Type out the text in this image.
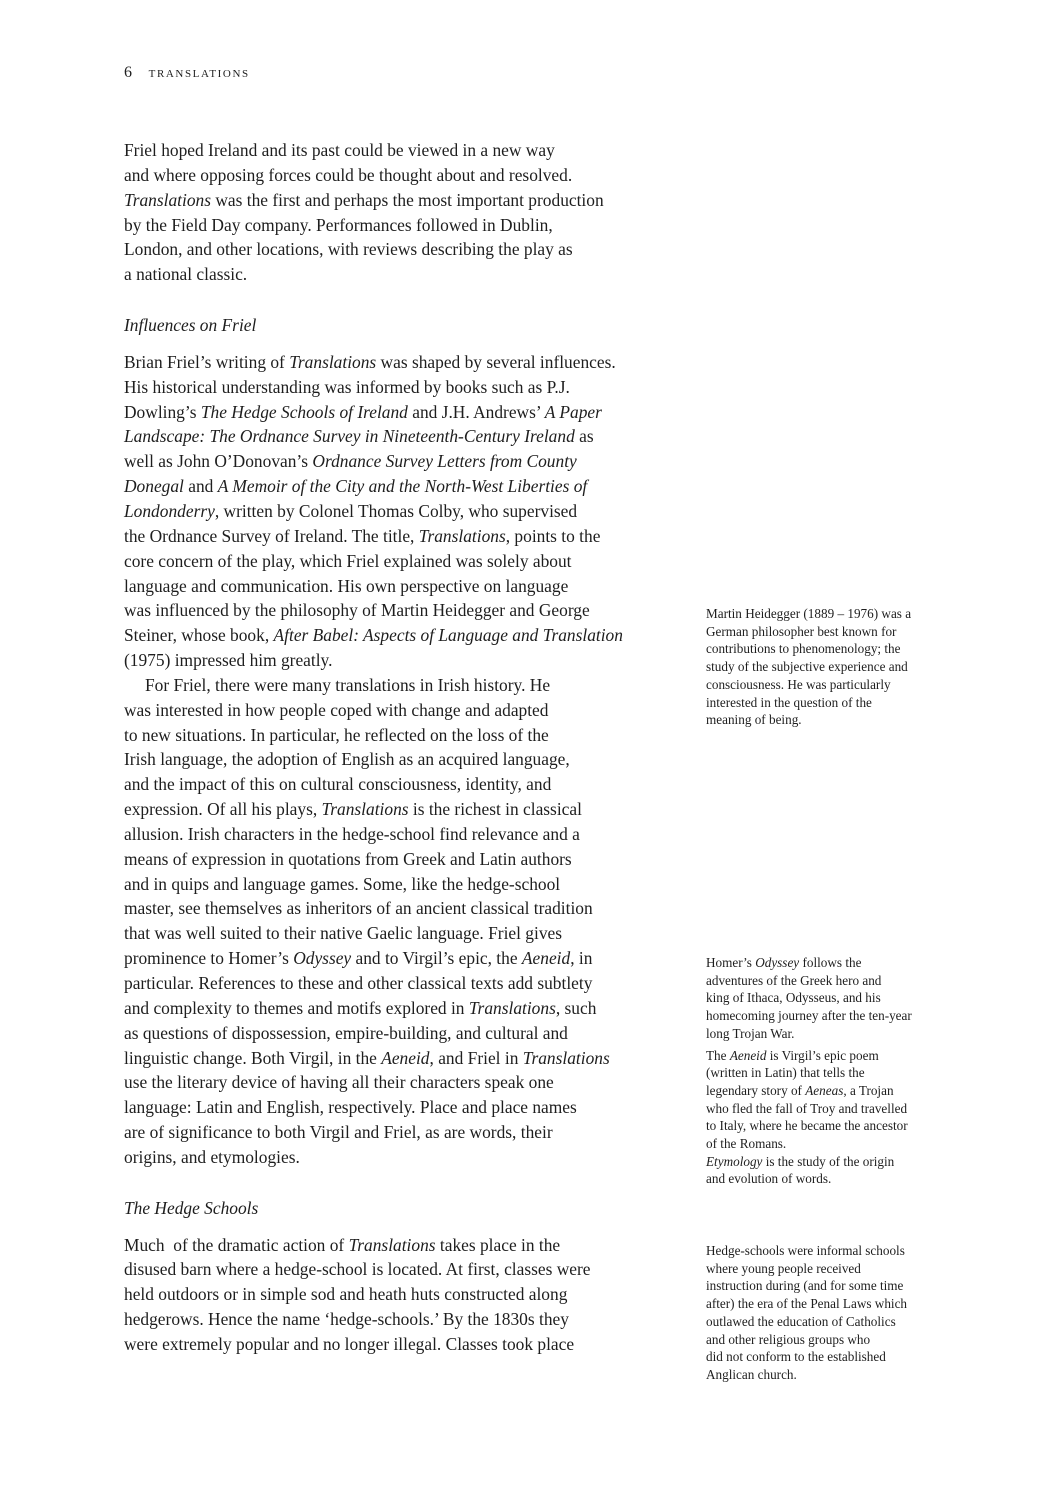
6 translations

Friel hoped Ireland and its past could be viewed in a new way
and where opposing forces could be thought about and resolved.
Translations was the first and perhaps the most important production
by the Field Day company. Performances followed in Dublin,
London, and other locations, with reviews describing the play as
a national classic.

Influences on Friel

Brian Friel’s writing of Translations was shaped by several influences.
His historical understanding was informed by books such as P.J.
Dowling’s The Hedge Schools of Ireland and J.H. Andrews’ A Paper
Landscape: The Ordnance Survey in Nineteenth-Century Ireland as
well as John O’Donovan’s Ordnance Survey Letters from County
Donegal and A Memoir of the City and the North-West Liberties of
Londonderry, written by Colonel Thomas Colby, who supervised
the Ordnance Survey of Ireland. The title, Translations, points to the
core concern of the play, which Friel explained was solely about
language and communication. His own perspective on language
was influenced by the philosophy of Martin Heidegger and George
Steiner, whose book, After Babel: Aspects of Language and Translation
(1975) impressed him greatly.

For Friel, there were many translations in Irish history. He
was interested in how people coped with change and adapted
to new situations. In particular, he reflected on the loss of the
Irish language, the adoption of English as an acquired language,
and the impact of this on cultural consciousness, identity, and
expression. Of all his plays, Translations is the richest in classical
allusion. Irish characters in the hedge-school find relevance and a
means of expression in quotations from Greek and Latin authors
and in quips and language games. Some, like the hedge-school
master, see themselves as inheritors of an ancient classical tradition
that was well suited to their native Gaelic language. Friel gives
prominence to Homer’s Odyssey and to Virgil’s epic, the Aeneid, in
particular. References to these and other classical texts add subtlety
and complexity to themes and motifs explored in Translations, such
as questions of dispossession, empire-building, and cultural and
linguistic change. Both Virgil, in the Aeneid, and Friel in Translations
use the literary device of having all their characters speak one
language: Latin and English, respectively. Place and place names
are of significance to both Virgil and Friel, as are words, their
origins, and etymologies.

The Hedge Schools

Much  of the dramatic action of Translations takes place in the
disused barn where a hedge-school is located. At first, classes were
held outdoors or in simple sod and heath huts constructed along
hedgerows. Hence the name ‘hedge-schools.’ By the 1830s they
were extremely popular and no longer illegal. Classes took place

Martin Heidegger (1889 – 1976) was a
German philosopher best known for
contributions to phenomenology; the
study of the subjective experience and
consciousness. He was particularly
interested in the question of the
meaning of being.

Homer’s Odyssey follows the
adventures of the Greek hero and
king of Ithaca, Odysseus, and his
homecoming journey after the ten-year
long Trojan War.

The Aeneid is Virgil’s epic poem
(written in Latin) that tells the
legendary story of Aeneas, a Trojan
who fled the fall of Troy and travelled
to Italy, where he became the ancestor
of the Romans.

Etymology is the study of the origin
and evolution of words.

Hedge-schools were informal schools
where young people received
instruction during (and for some time
after) the era of the Penal Laws which
outlawed the education of Catholics
and other religious groups who
did not conform to the established
Anglican church.
